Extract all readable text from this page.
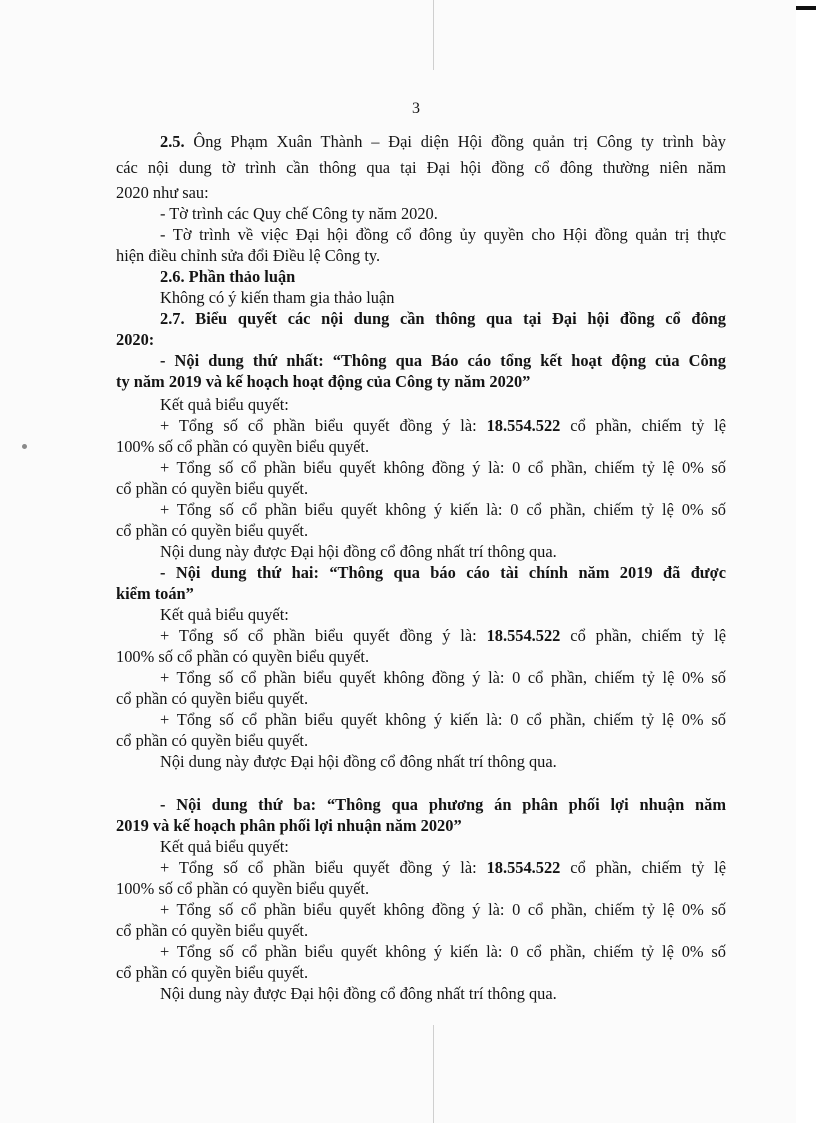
3
2.5. Ông Phạm Xuân Thành – Đại diện Hội đồng quản trị Công ty trình bày
các nội dung tờ trình cần thông qua tại Đại hội đồng cổ đông thường niên năm
2020 như sau:
- Tờ trình các Quy chế Công ty năm 2020.
- Tờ trình về việc Đại hội đồng cổ đông ủy quyền cho Hội đồng quản trị thực
hiện điều chỉnh sửa đổi Điều lệ Công ty.
2.6. Phần thảo luận
Không có ý kiến tham gia thảo luận
2.7. Biểu quyết các nội dung cần thông qua tại Đại hội đồng cổ đông
2020:
- Nội dung thứ nhất: “Thông qua Báo cáo tổng kết hoạt động của Công
ty năm 2019 và kế hoạch hoạt động của Công ty năm 2020”
Kết quả biểu quyết:
+ Tổng số cổ phần biểu quyết đồng ý là: 18.554.522 cổ phần, chiếm tỷ lệ
100% số cổ phần có quyền biểu quyết.
+ Tổng số cổ phần biểu quyết không đồng ý là: 0 cổ phần, chiếm tỷ lệ 0% số
cổ phần có quyền biểu quyết.
+ Tổng số cổ phần biểu quyết không ý kiến là: 0 cổ phần, chiếm tỷ lệ 0% số
cổ phần có quyền biểu quyết.
Nội dung này được Đại hội đồng cổ đông nhất trí thông qua.
- Nội dung thứ hai: “Thông qua báo cáo tài chính năm 2019 đã được
kiểm toán”
Kết quả biểu quyết:
+ Tổng số cổ phần biểu quyết đồng ý là: 18.554.522 cổ phần, chiếm tỷ lệ
100% số cổ phần có quyền biểu quyết.
+ Tổng số cổ phần biểu quyết không đồng ý là: 0 cổ phần, chiếm tỷ lệ 0% số
cổ phần có quyền biểu quyết.
+ Tổng số cổ phần biểu quyết không ý kiến là: 0 cổ phần, chiếm tỷ lệ 0% số
cổ phần có quyền biểu quyết.
Nội dung này được Đại hội đồng cổ đông nhất trí thông qua.
- Nội dung thứ ba: “Thông qua phương án phân phối lợi nhuận năm
2019 và kế hoạch phân phối lợi nhuận năm 2020”
Kết quả biểu quyết:
+ Tổng số cổ phần biểu quyết đồng ý là: 18.554.522 cổ phần, chiếm tỷ lệ
100% số cổ phần có quyền biểu quyết.
+ Tổng số cổ phần biểu quyết không đồng ý là: 0 cổ phần, chiếm tỷ lệ 0% số
cổ phần có quyền biểu quyết.
+ Tổng số cổ phần biểu quyết không ý kiến là: 0 cổ phần, chiếm tỷ lệ 0% số
cổ phần có quyền biểu quyết.
Nội dung này được Đại hội đồng cổ đông nhất trí thông qua.
